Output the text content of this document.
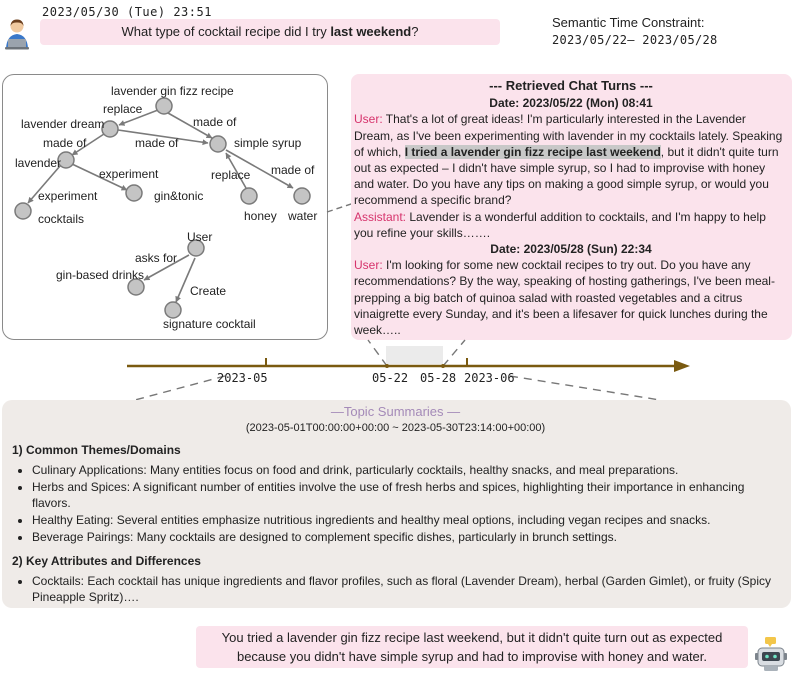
2023/05/30 (Tue) 23:51
What type of cocktail recipe did I try last weekend?
Semantic Time Constraint:
2023/05/22— 2023/05/28
lavender gin fizz recipe
replace
lavender dream	made of
made of	simple syrup
made of
lavender
experiment	replace made of
experiment	gin&tonic
cocktails	honey water
User
asks for
gin-based drinks
Create
signature cocktail
--- Retrieved Chat Turns ---
Date: 2023/05/22 (Mon) 08:41
User: That's a lot of great ideas! I'm particularly interested in the Lavender Dream, as I've been experimenting with lavender in my cocktails lately. Speaking of which, I tried a lavender gin fizz recipe last weekend, but it didn't quite turn out as expected – I didn't have simple syrup, so I had to improvise with honey and water. Do you have any tips on making a good simple syrup, or would you recommend a specific brand?
Assistant: Lavender is a wonderful addition to cocktails, and I'm happy to help you refine your skills…….
Date: 2023/05/28 (Sun) 22:34
User: I'm looking for some new cocktail recipes to try out. Do you have any recommendations? By the way, speaking of hosting gatherings, I've been meal-prepping a big batch of quinoa salad with roasted vegetables and a citrus vinaigrette every Sunday, and it's been a lifesaver for quick lunches during the week…..
2023-05	05-22 05-28 2023-06
—Topic Summaries —
(2023-05-01T00:00:00+00:00 ~ 2023-05-30T23:14:00+00:00)
1) Common Themes/Domains
• Culinary Applications: Many entities focus on food and drink, particularly cocktails, healthy snacks, and meal preparations.
• Herbs and Spices: A significant number of entities involve the use of fresh herbs and spices, highlighting their importance in enhancing flavors.
• Healthy Eating: Several entities emphasize nutritious ingredients and healthy meal options, including vegan recipes and snacks.
• Beverage Pairings: Many cocktails are designed to complement specific dishes, particularly in brunch settings.
2) Key Attributes and Differences
• Cocktails: Each cocktail has unique ingredients and flavor profiles, such as floral (Lavender Dream), herbal (Garden Gimlet), or fruity (Spicy Pineapple Spritz)….
You tried a lavender gin fizz recipe last weekend, but it didn't quite turn out as expected because you didn't have simple syrup and had to improvise with honey and water.
